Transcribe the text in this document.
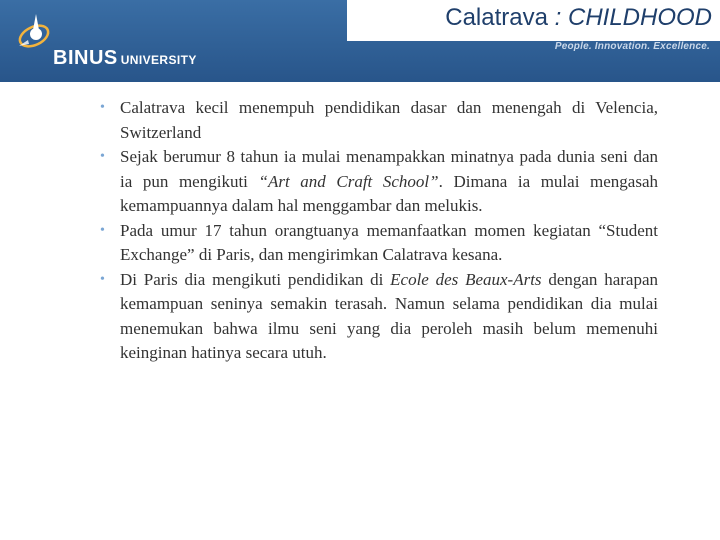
BINUS UNIVERSITY
Calatrava : CHILDHOOD
People. Innovation. Excellence.
• Calatrava kecil menempuh pendidikan dasar dan menengah di Velencia, Switzerland
• Sejak berumur 8 tahun ia mulai menampakkan minatnya pada dunia seni dan ia pun mengikuti “Art and Craft School”. Dimana ia mulai mengasah kemampuannya dalam hal menggambar dan melukis.
• Pada umur 17 tahun orangtuanya memanfaatkan momen kegiatan “Student Exchange” di Paris, dan mengirimkan Calatrava kesana.
• Di Paris dia mengikuti pendidikan di Ecole des Beaux-Arts dengan harapan kemampuan seninya semakin terasah. Namun selama pendidikan dia mulai menemukan bahwa ilmu seni yang dia peroleh masih belum memenuhi keinginan hatinya secara utuh.
